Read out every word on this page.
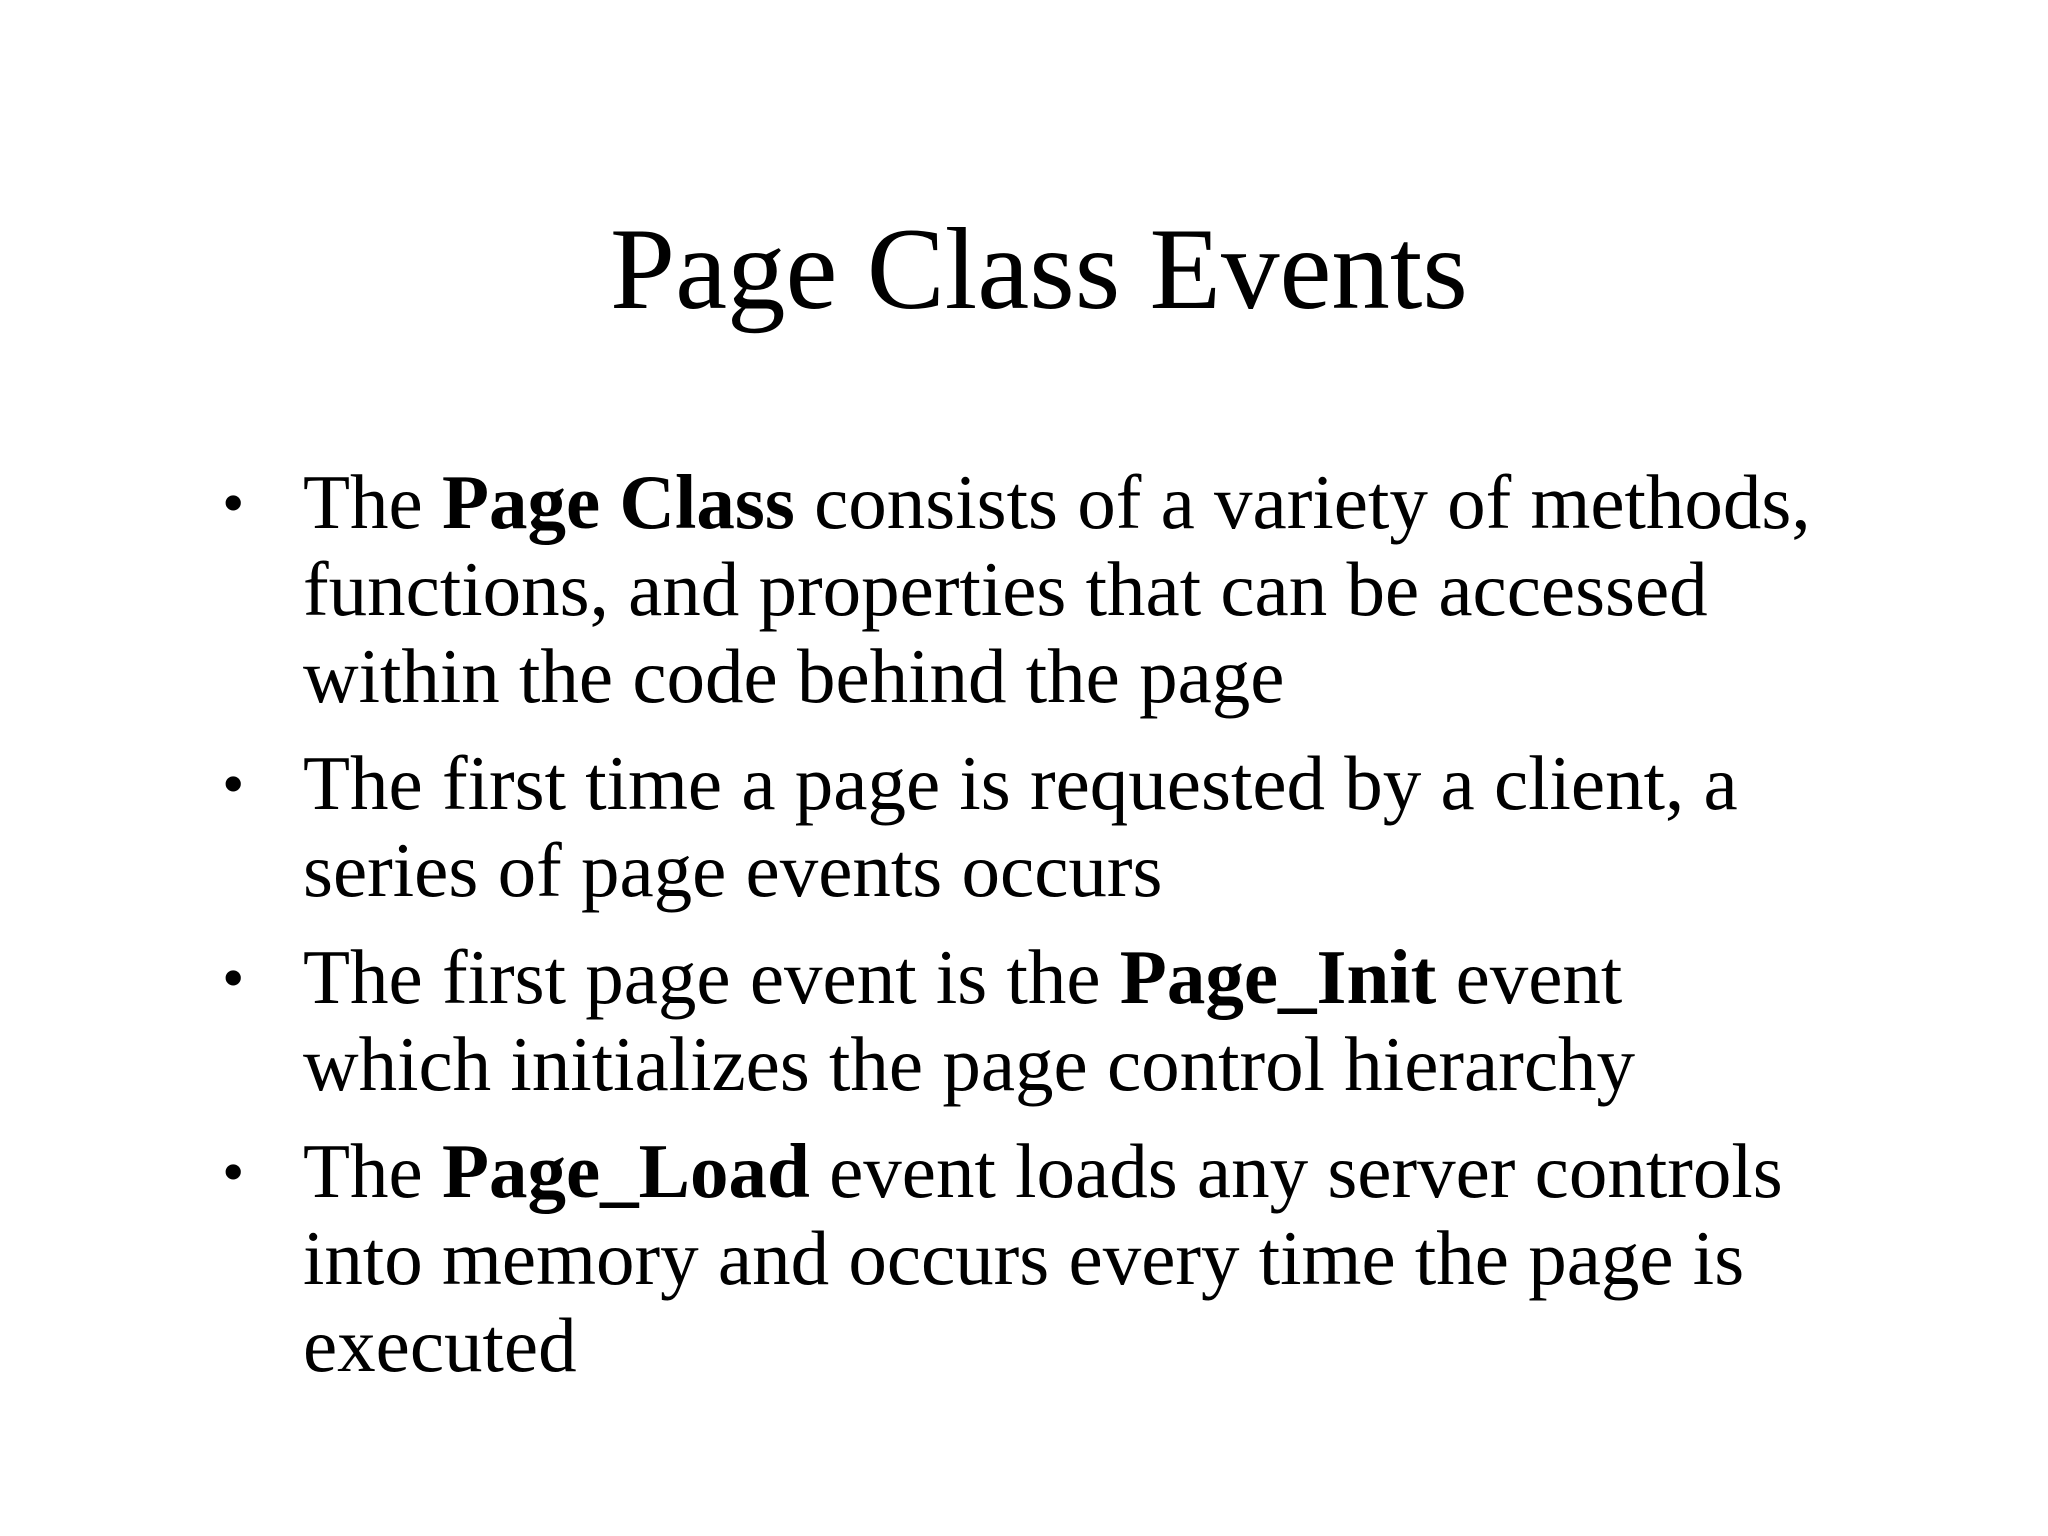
Page Class Events
• The Page Class consists of a variety of methods,
functions, and properties that can be accessed
within the code behind the page
• The first time a page is requested by a client, a
series of page events occurs
• The first page event is the Page_Init event
which initializes the page control hierarchy
• The Page_Load event loads any server controls
into memory and occurs every time the page is
executed
